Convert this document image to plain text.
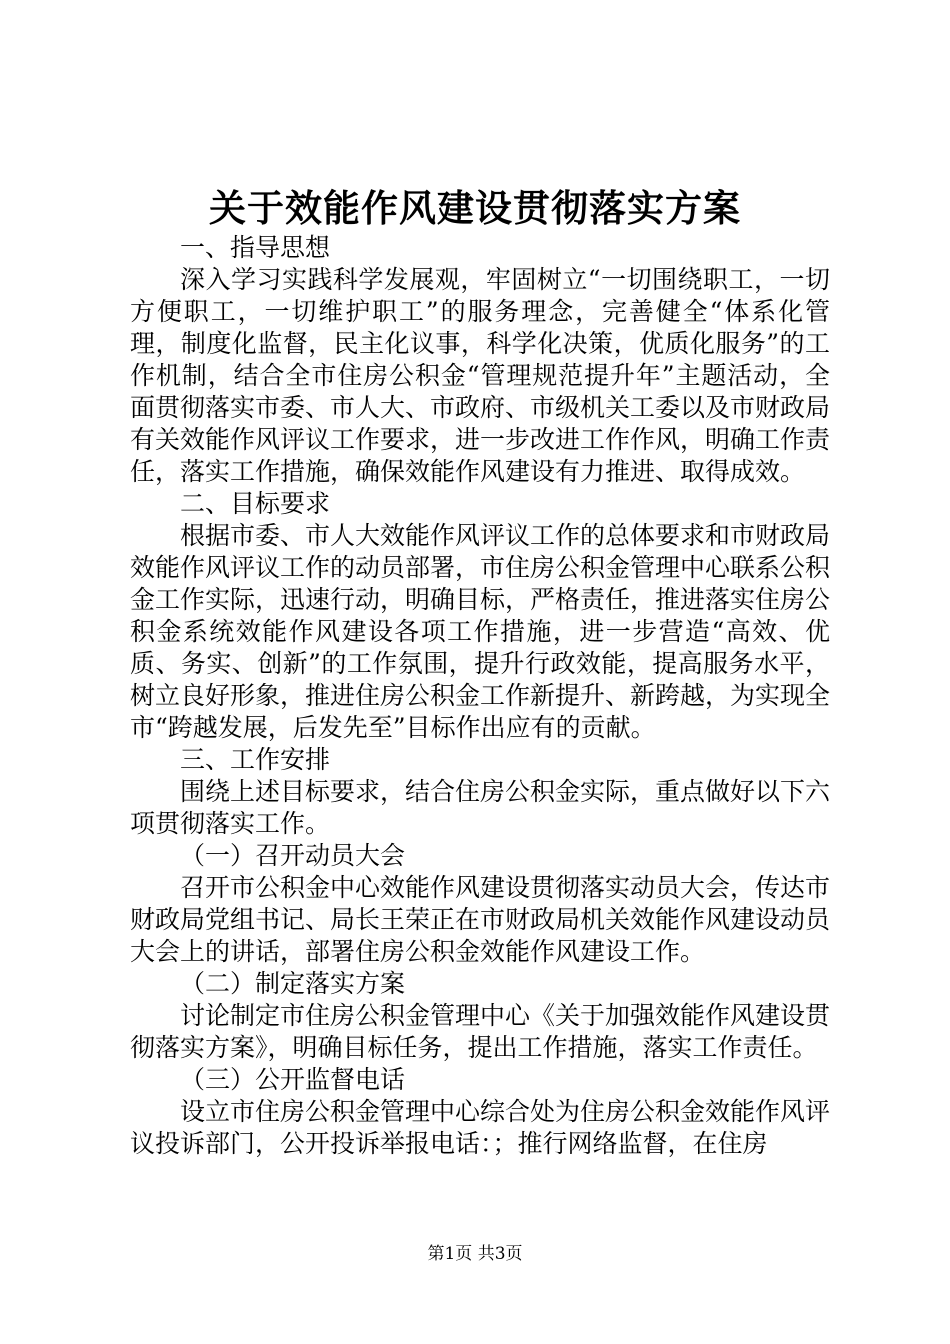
关于效能作风建设贯彻落实方案

一、指导思想

深入学习实践科学发展观，牢固树立“一切围绕职工，一切方便职工，一切维护职工”的服务理念，完善健全“体系化管理，制度化监督，民主化议事，科学化决策，优质化服务”的工作机制，结合全市住房公积金“管理规范提升年”主题活动，全面贯彻落实市委、市人大、市政府、市级机关工委以及市财政局有关效能作风评议工作要求，进一步改进工作作风，明确工作责任，落实工作措施，确保效能作风建设有力推进、取得成效。

二、目标要求

根据市委、市人大效能作风评议工作的总体要求和市财政局效能作风评议工作的动员部署，市住房公积金管理中心联系公积金工作实际，迅速行动，明确目标，严格责任，推进落实住房公积金系统效能作风建设各项工作措施，进一步营造“高效、优质、务实、创新”的工作氛围，提升行政效能，提高服务水平，树立良好形象，推进住房公积金工作新提升、新跨越，为实现全市“跨越发展，后发先至”目标作出应有的贡献。

三、工作安排

围绕上述目标要求，结合住房公积金实际，重点做好以下六项贯彻落实工作。

（一）召开动员大会

召开市公积金中心效能作风建设贯彻落实动员大会，传达市财政局党组书记、局长王荣正在市财政局机关效能作风建设动员大会上的讲话，部署住房公积金效能作风建设工作。

（二）制定落实方案

讨论制定市住房公积金管理中心《关于加强效能作风建设贯彻落实方案》，明确目标任务，提出工作措施，落实工作责任。

（三）公开监督电话

设立市住房公积金管理中心综合处为住房公积金效能作风评议投诉部门，公开投诉举报电话：；推行网络监督，在住房

第1页 共3页
